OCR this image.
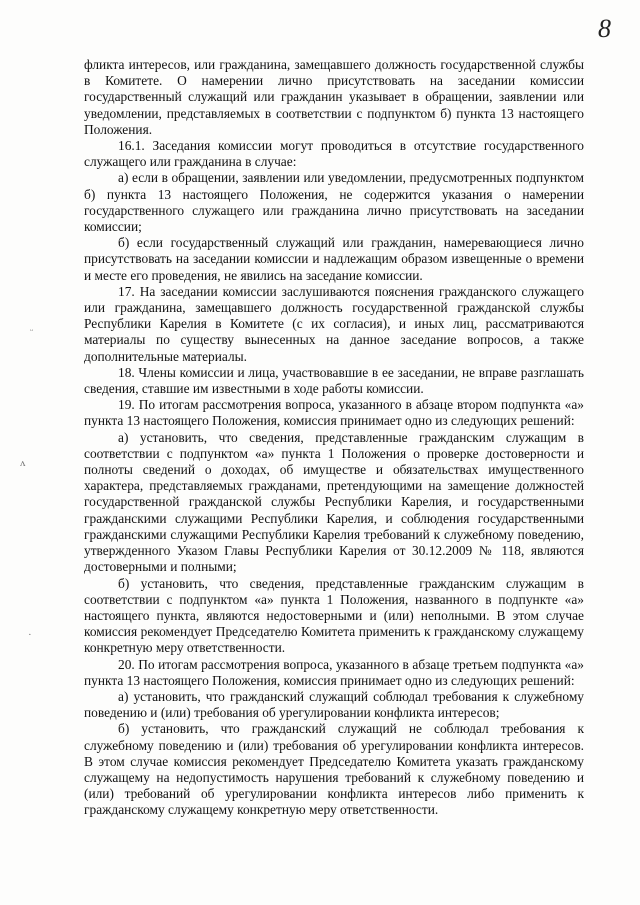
8
ᵕ
ʌ
·

фликта интересов, или гражданина, замещавшего должность государственной службы в Комитете. О намерении лично присутствовать на заседании комиссии государственный служащий или гражданин указывает в обращении, заявлении или уведомлении, представляемых в соответствии с подпунктом б) пункта 13 настоящего Положения.

16.1. Заседания комиссии могут проводиться в отсутствие государственного служащего или гражданина в случае:

а) если в обращении, заявлении или уведомлении, предусмотренных подпунктом б) пункта 13 настоящего Положения, не содержится указания о намерении государственного служащего или гражданина лично присутствовать на заседании комиссии;

б) если государственный служащий или гражданин, намеревающиеся лично присутствовать на заседании комиссии и надлежащим образом извещенные о времени и месте его проведения, не явились на заседание комиссии.

17. На заседании комиссии заслушиваются пояснения гражданского служащего или гражданина, замещавшего должность государственной гражданской службы Республики Карелия в Комитете (с их согласия), и иных лиц, рассматриваются материалы по существу вынесенных на данное заседание вопросов, а также дополнительные материалы.

18. Члены комиссии и лица, участвовавшие в ее заседании, не вправе разглашать сведения, ставшие им известными в ходе работы комиссии.

19. По итогам рассмотрения вопроса, указанного в абзаце втором подпункта «а» пункта 13 настоящего Положения, комиссия принимает одно из следующих решений:

а) установить, что сведения, представленные гражданским служащим в соответствии с подпунктом «а» пункта 1 Положения о проверке достоверности и полноты сведений о доходах, об имуществе и обязательствах имущественного характера, представляемых гражданами, претендующими на замещение должностей государственной гражданской службы Республики Карелия, и государственными гражданскими служащими Республики Карелия, и соблюдения государственными гражданскими служащими Республики Карелия требований к служебному поведению, утвержденного Указом Главы Республики Карелия от 30.12.2009 № 118, являются достоверными и полными;

б) установить, что сведения, представленные гражданским служащим в соответствии с подпунктом «а» пункта 1 Положения, названного в подпункте «а» настоящего пункта, являются недостоверными и (или) неполными. В этом случае комиссия рекомендует Председателю Комитета применить к гражданскому служащему конкретную меру ответственности.

20. По итогам рассмотрения вопроса, указанного в абзаце третьем подпункта «а» пункта 13 настоящего Положения, комиссия принимает одно из следующих решений:

а) установить, что гражданский служащий соблюдал требования к служебному поведению и (или) требования об урегулировании конфликта интересов;

б) установить, что гражданский служащий не соблюдал требования к служебному поведению и (или) требования об урегулировании конфликта интересов. В этом случае комиссия рекомендует Председателю Комитета указать гражданскому служащему на недопустимость нарушения требований к служебному поведению и (или) требований об урегулировании конфликта интересов либо применить к гражданскому служащему конкретную меру ответственности.
